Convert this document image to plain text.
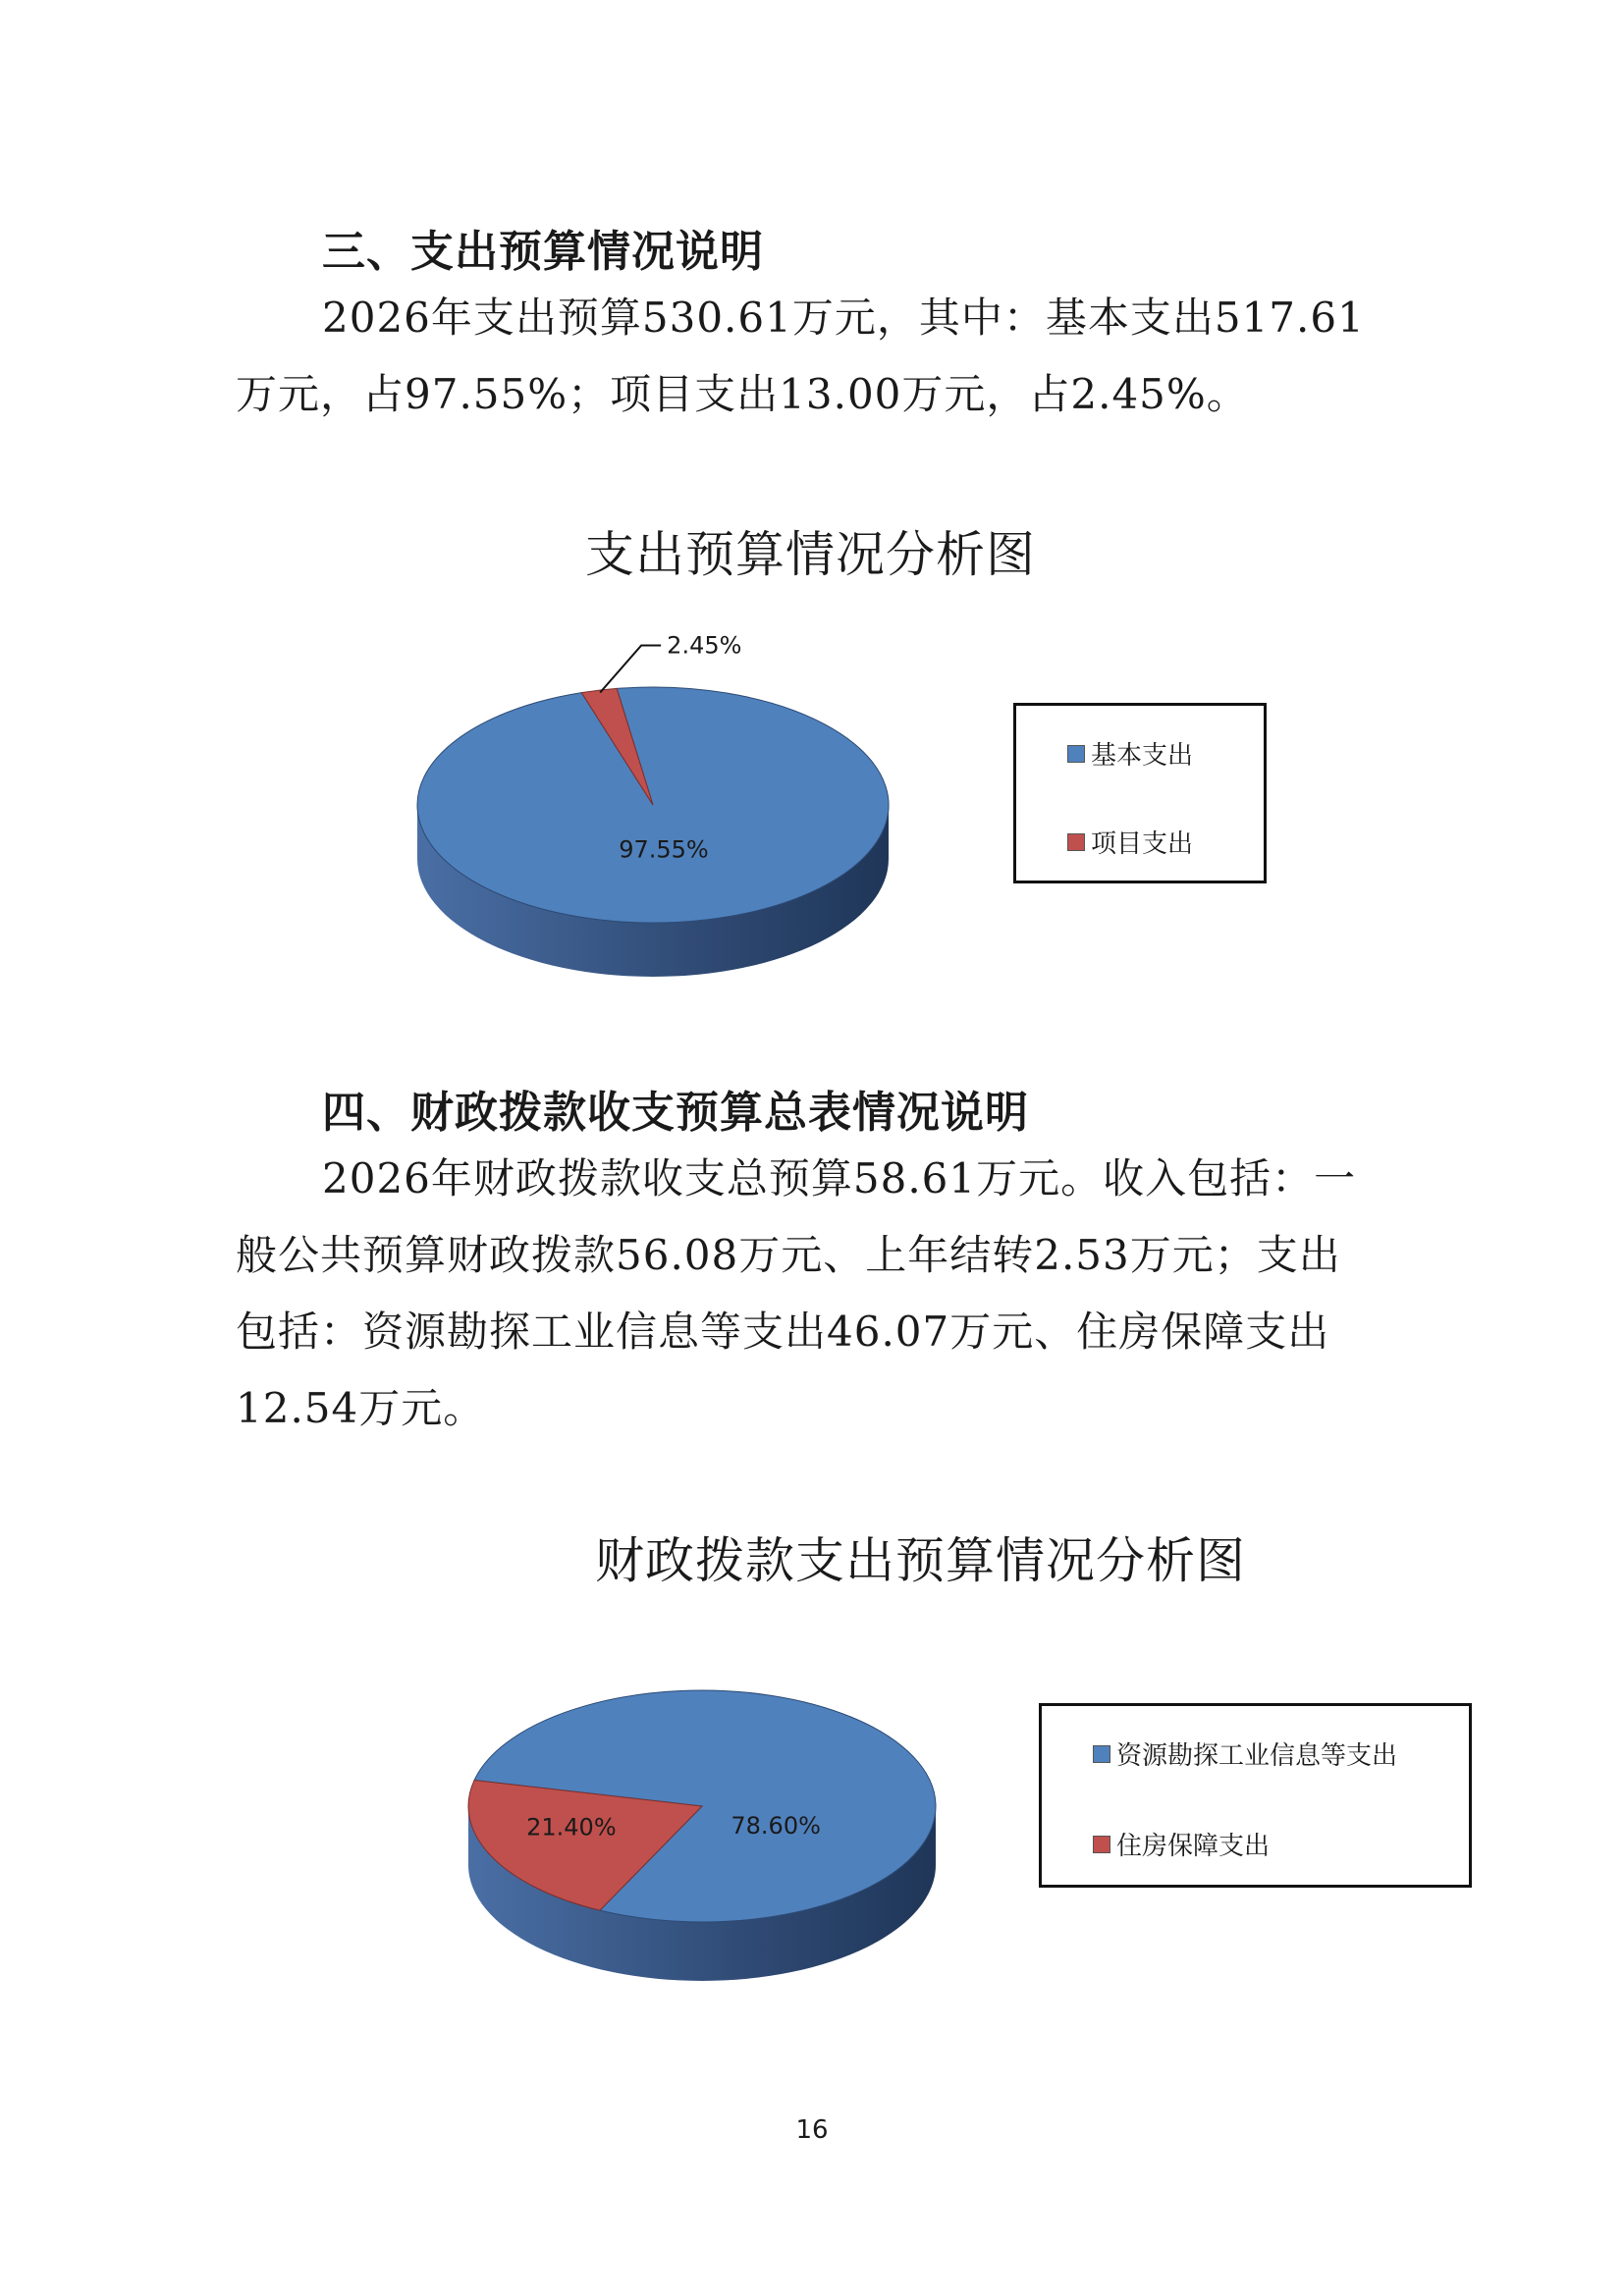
三、支出预算情况说明
2026年支出预算530.61万元，其中：基本支出517.61
万元，占97.55%；项目支出13.00万元，占2.45%。
支出预算情况分析图
97.55%
2.45%
基本支出
项目支出
四、财政拨款收支预算总表情况说明
2026年财政拨款收支总预算58.61万元。收入包括：一
般公共预算财政拨款56.08万元、上年结转2.53万元；支出
包括：资源勘探工业信息等支出46.07万元、住房保障支出
12.54万元。
财政拨款支出预算情况分析图
78.60%
21.40%
资源勘探工业信息等支出
住房保障支出
16
